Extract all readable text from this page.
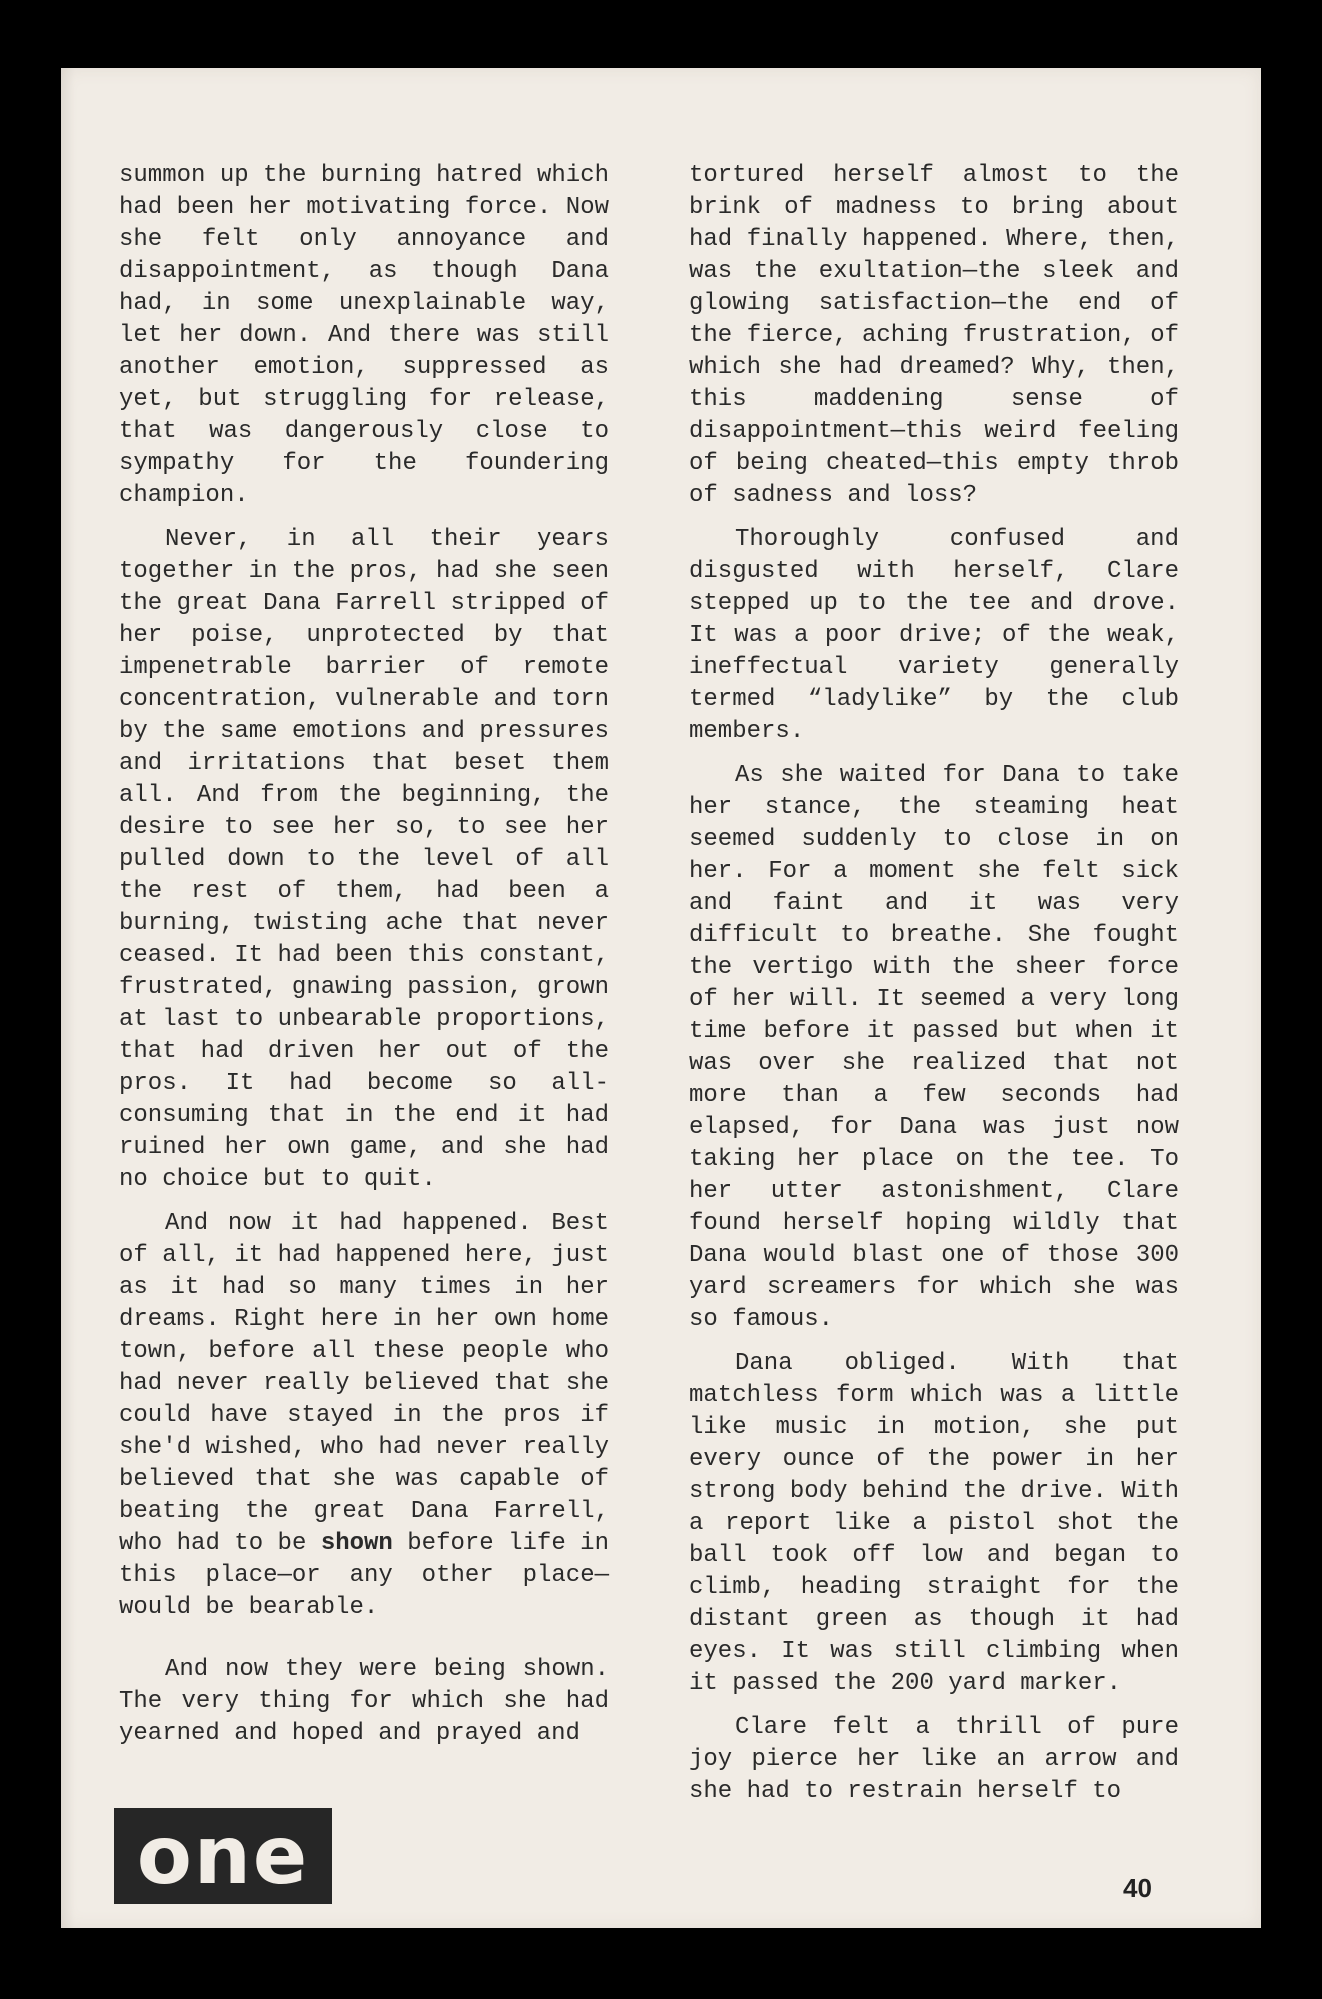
summon up the burning hatred which had been her motivating force. Now she felt only annoyance and disappointment, as though Dana had, in some unexplainable way, let her down. And there was still another emotion, suppressed as yet, but struggling for release, that was dangerously close to sympathy for the foundering champion.

Never, in all their years together in the pros, had she seen the great Dana Farrell stripped of her poise, unprotected by that impenetrable barrier of remote concentration, vulnerable and torn by the same emotions and pressures and irritations that beset them all. And from the beginning, the desire to see her so, to see her pulled down to the level of all the rest of them, had been a burning, twisting ache that never ceased. It had been this constant, frustrated, gnawing passion, grown at last to unbearable proportions, that had driven her out of the pros. It had become so all-consuming that in the end it had ruined her own game, and she had no choice but to quit.

And now it had happened. Best of all, it had happened here, just as it had so many times in her dreams. Right here in her own home town, before all these people who had never really believed that she could have stayed in the pros if she'd wished, who had never really believed that she was capable of beating the great Dana Farrell, who had to be shown before life in this place—or any other place—would be bearable.

And now they were being shown. The very thing for which she had yearned and hoped and prayed and

tortured herself almost to the brink of madness to bring about had finally happened. Where, then, was the exultation—the sleek and glowing satisfaction—the end of the fierce, aching frustration, of which she had dreamed? Why, then, this maddening sense of disappointment—this weird feeling of being cheated—this empty throb of sadness and loss?

Thoroughly confused and disgusted with herself, Clare stepped up to the tee and drove. It was a poor drive; of the weak, ineffectual variety generally termed “ladylike” by the club members.

As she waited for Dana to take her stance, the steaming heat seemed suddenly to close in on her. For a moment she felt sick and faint and it was very difficult to breathe. She fought the vertigo with the sheer force of her will. It seemed a very long time before it passed but when it was over she realized that not more than a few seconds had elapsed, for Dana was just now taking her place on the tee. To her utter astonishment, Clare found herself hoping wildly that Dana would blast one of those 300 yard screamers for which she was so famous.

Dana obliged. With that matchless form which was a little like music in motion, she put every ounce of the power in her strong body behind the drive. With a report like a pistol shot the ball took off low and began to climb, heading straight for the distant green as though it had eyes. It was still climbing when it passed the 200 yard marker.

Clare felt a thrill of pure joy pierce her like an arrow and she had to restrain herself to

one	40
